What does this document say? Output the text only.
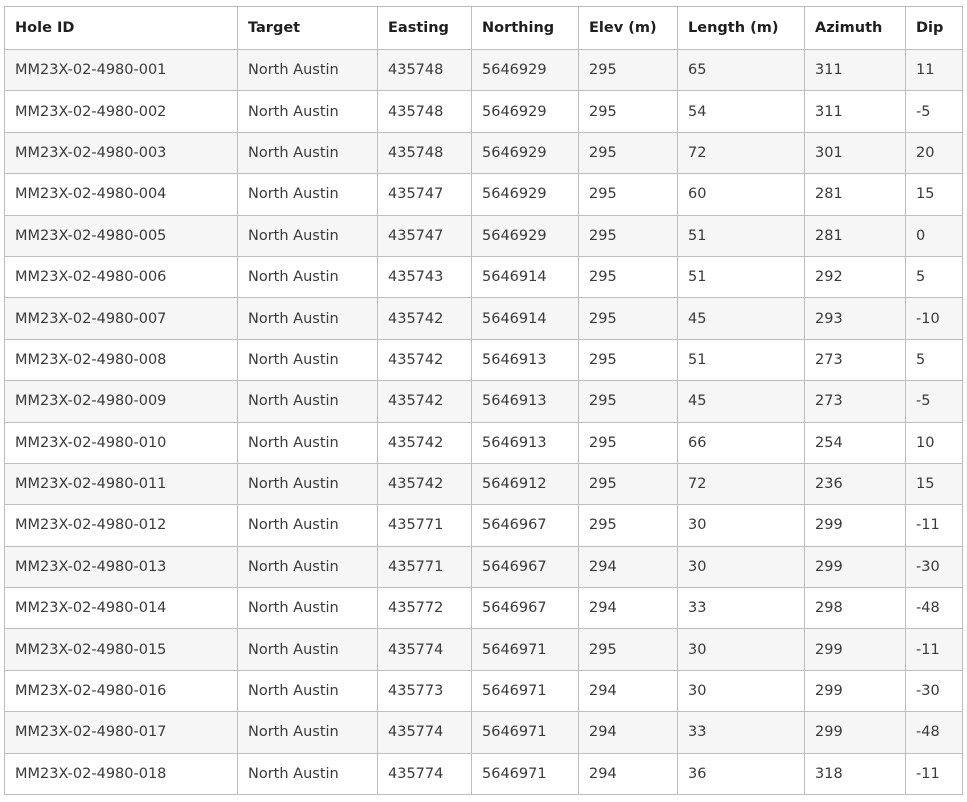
Hole ID	Target	Easting	Northing	Elev (m)	Length (m)	Azimuth	Dip
MM23X-02-4980-001	North Austin	435748	5646929	295	65	311	11
MM23X-02-4980-002	North Austin	435748	5646929	295	54	311	-5
MM23X-02-4980-003	North Austin	435748	5646929	295	72	301	20
MM23X-02-4980-004	North Austin	435747	5646929	295	60	281	15
MM23X-02-4980-005	North Austin	435747	5646929	295	51	281	0
MM23X-02-4980-006	North Austin	435743	5646914	295	51	292	5
MM23X-02-4980-007	North Austin	435742	5646914	295	45	293	-10
MM23X-02-4980-008	North Austin	435742	5646913	295	51	273	5
MM23X-02-4980-009	North Austin	435742	5646913	295	45	273	-5
MM23X-02-4980-010	North Austin	435742	5646913	295	66	254	10
MM23X-02-4980-011	North Austin	435742	5646912	295	72	236	15
MM23X-02-4980-012	North Austin	435771	5646967	295	30	299	-11
MM23X-02-4980-013	North Austin	435771	5646967	294	30	299	-30
MM23X-02-4980-014	North Austin	435772	5646967	294	33	298	-48
MM23X-02-4980-015	North Austin	435774	5646971	295	30	299	-11
MM23X-02-4980-016	North Austin	435773	5646971	294	30	299	-30
MM23X-02-4980-017	North Austin	435774	5646971	294	33	299	-48
MM23X-02-4980-018	North Austin	435774	5646971	294	36	318	-11
